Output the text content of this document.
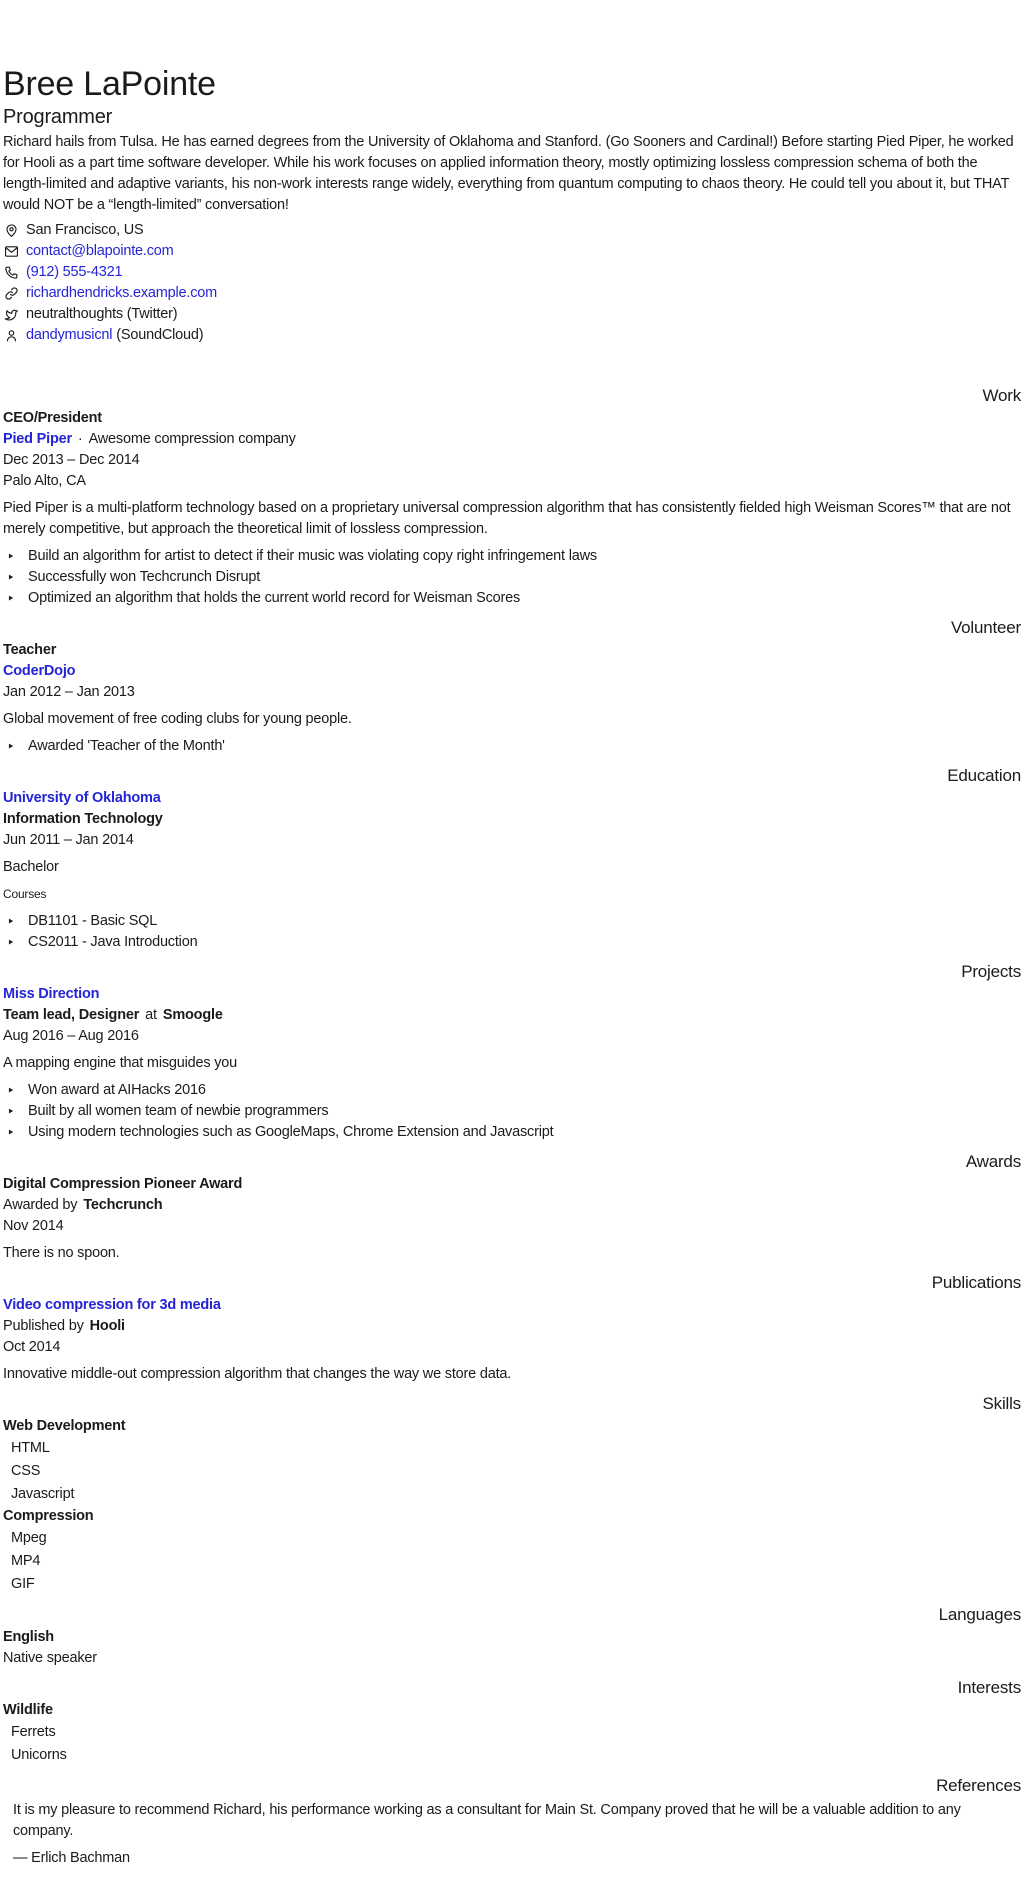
Bree LaPointe
Programmer

Richard hails from Tulsa. He has earned degrees from the University of Oklahoma and Stanford. (Go Sooners and Cardinal!) Before starting Pied Piper, he worked for Hooli as a part time software developer. While his work focuses on applied information theory, mostly optimizing lossless compression schema of both the length-limited and adaptive variants, his non-work interests range widely, everything from quantum computing to chaos theory. He could tell you about it, but THAT would NOT be a “length-limited” conversation!

San Francisco, US
contact@blapointe.com
(912) 555-4321
richardhendricks.example.com
neutralthoughts (Twitter)
dandymusicnl (SoundCloud)
Work
CEO/President
Pied Piper · Awesome compression company
Dec 2013 – Dec 2014
Palo Alto, CA

Pied Piper is a multi-platform technology based on a proprietary universal compression algorithm that has consistently fielded high Weisman Scores™ that are not merely competitive, but approach the theoretical limit of lossless compression.

‣ Build an algorithm for artist to detect if their music was violating copy right infringement laws
‣ Successfully won Techcrunch Disrupt
‣ Optimized an algorithm that holds the current world record for Weisman Scores
Volunteer
Teacher
CoderDojo
Jan 2012 – Jan 2013

Global movement of free coding clubs for young people.

‣ Awarded 'Teacher of the Month'
Education
University of Oklahoma
Information Technology
Jun 2011 – Jan 2014
Bachelor
Courses
‣ DB1101 - Basic SQL
‣ CS2011 - Java Introduction
Projects
Miss Direction
Team lead, Designer at Smoogle
Aug 2016 – Aug 2016

A mapping engine that misguides you

‣ Won award at AIHacks 2016
‣ Built by all women team of newbie programmers
‣ Using modern technologies such as GoogleMaps, Chrome Extension and Javascript
Awards
Digital Compression Pioneer Award
Awarded by Techcrunch
Nov 2014

There is no spoon.

Publications
Video compression for 3d media
Published by Hooli
Oct 2014

Innovative middle-out compression algorithm that changes the way we store data.

Skills
Web Development
HTML
CSS
Javascript
Compression
Mpeg
MP4
GIF
Languages
English
Native speaker
Interests
Wildlife
Ferrets
Unicorns
References
It is my pleasure to recommend Richard, his performance working as a consultant for Main St. Company proved that he will be a valuable addition to any company.
— Erlich Bachman
